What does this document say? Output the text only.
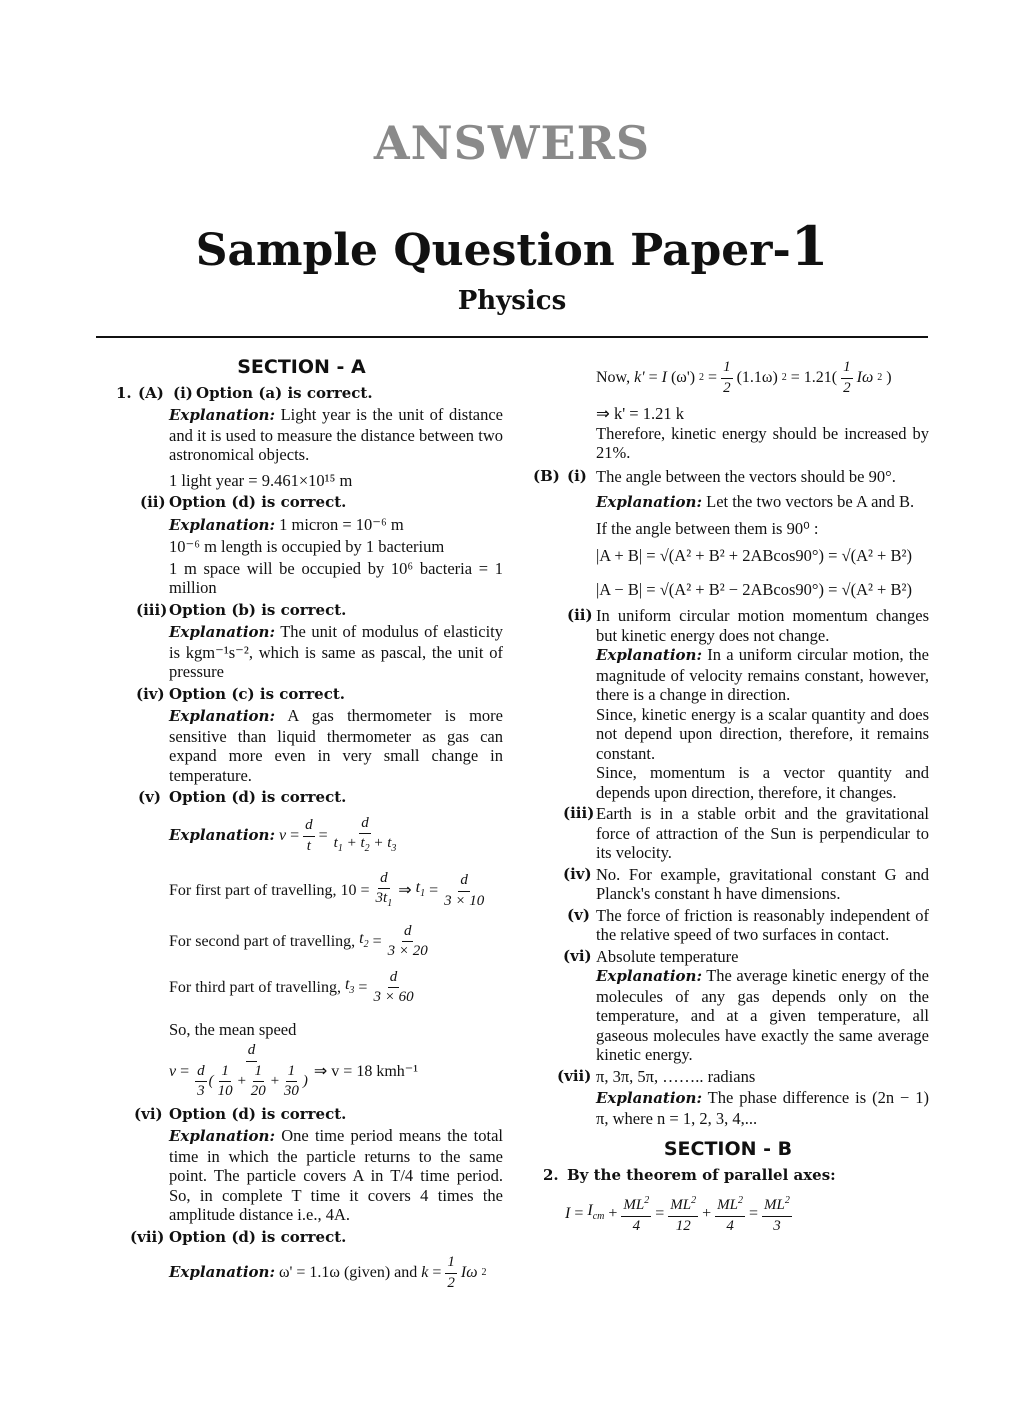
ANSWERS
Sample Question Paper-1
Physics
SECTION - A
1. (A) (i) Option (a) is correct.
Explanation: Light year is the unit of distance and it is used to measure the distance between two astronomical objects.
1 light year = 9.461×10¹⁵ m
(ii) Option (d) is correct.
Explanation: 1 micron = 10⁻⁶ m
10⁻⁶ m length is occupied by 1 bacterium
1 m space will be occupied by 10⁶ bacteria = 1 million
(iii) Option (b) is correct.
Explanation: The unit of modulus of elasticity is kgm⁻¹s⁻², which is same as pascal, the unit of pressure
(iv) Option (c) is correct.
Explanation: A gas thermometer is more sensitive than liquid thermometer as gas can expand more even in very small change in temperature.
(v) Option (d) is correct.
Explanation: $v = \frac{d}{t} = \frac{d}{t_1 + t_2 + t_3}$
For first part of travelling, $10 = \frac{d}{3t_1}$ ⇒ $t_1 = \frac{d}{3 \times 10}$
For second part of travelling, $t_2 = \frac{d}{3 \times 20}$
For third part of travelling, $t_3 = \frac{d}{3 \times 60}$
So, the mean speed
$v = \frac{d}{\frac{d}{3} ( \frac{1}{10} + \frac{1}{20} + \frac{1}{30} )}$ ⇒ v = 18 kmh⁻¹
(vi) Option (d) is correct.
Explanation: One time period means the total time in which the particle returns to the same point. The particle covers A in T/4 time period. So, in complete T time it covers 4 times the amplitude distance i.e., 4A.
(vii) Option (d) is correct.
Explanation: ω' = 1.1ω (given) and $k = \frac{1}{2}$ Iω 2
Now, k' = I (ω') $2 = \frac{1}{2} (1.1\omega) 2 = 1.21( \frac{1}{2}$ Iω 2 )
⇒ k' = 1.21 k
Therefore, kinetic energy should be increased by 21%.
(B) (i) The angle between the vectors should be 90°.
Explanation: Let the two vectors be A and B.
If the angle between them is 90⁰ :
|A + B| = √(A² + B² + 2ABcos90°) = √(A² + B²)
|A − B| = √(A² + B² − 2ABcos90°) = √(A² + B²)
(ii) In uniform circular motion momentum changes but kinetic energy does not change.
Explanation: In a uniform circular motion, the magnitude of velocity remains constant, however, there is a change in direction.
Since, kinetic energy is a scalar quantity and does not depend upon direction, therefore, it remains constant.
Since, momentum is a vector quantity and depends upon direction, therefore, it changes.
(iii) Earth is in a stable orbit and the gravitational force of attraction of the Sun is perpendicular to its velocity.
(iv) No. For example, gravitational constant G and Planck's constant h have dimensions.
(v) The force of friction is reasonably independent of the relative speed of two surfaces in contact.
(vi) Absolute temperature
Explanation: The average kinetic energy of the molecules of any gas depends only on the temperature, and at a given temperature, all gaseous molecules have exactly the same average kinetic energy.
(vii) π, 3π, 5π, …….. radians
Explanation: The phase difference is (2n − 1) π, where n = 1, 2, 3, 4,...
SECTION - B
2. By the theorem of parallel axes:
$I = I_{cm} + \frac{ML^2}{4} = \frac{ML^2}{12} + \frac{ML^2}{4} = \frac{ML^2}{3}$
